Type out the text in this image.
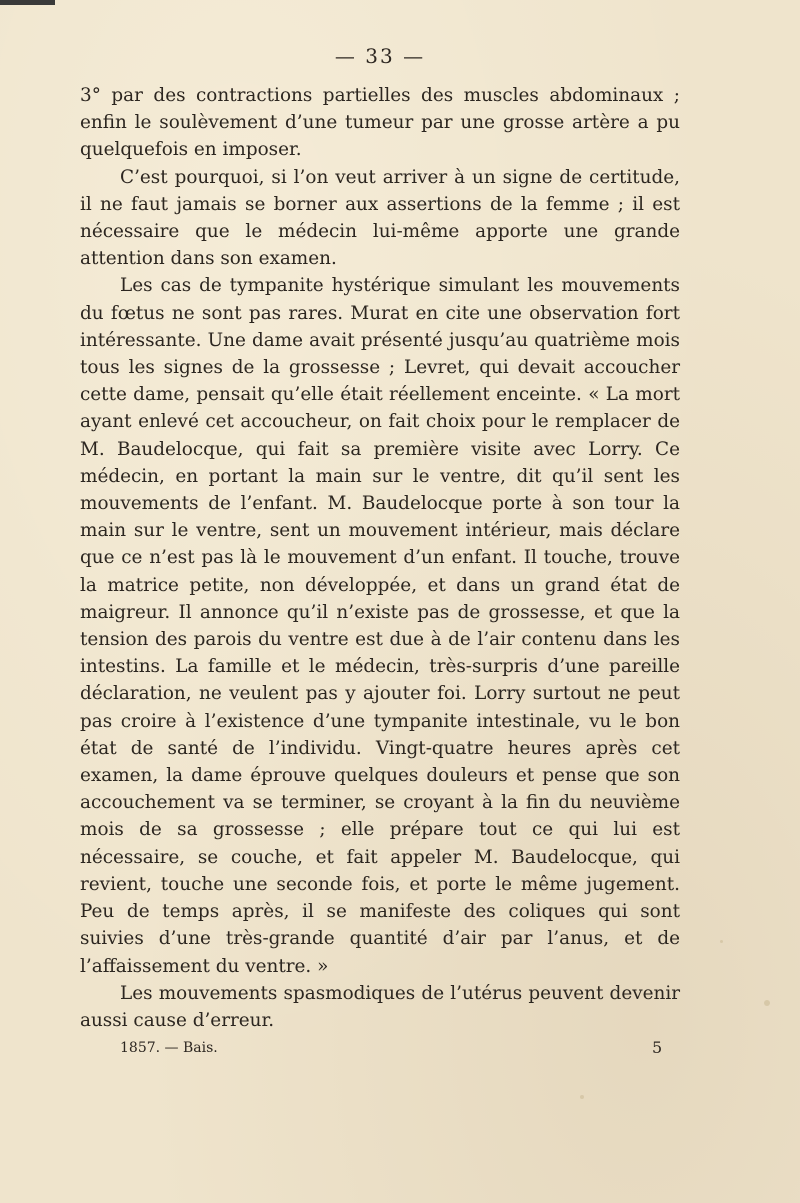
— 33 —

3° par des contractions partielles des muscles abdominaux ; enfin le soulèvement d’une tumeur par une grosse artère a pu quelquefois en imposer.

C’est pourquoi, si l’on veut arriver à un signe de certitude, il ne faut jamais se borner aux assertions de la femme ; il est nécessaire que le médecin lui-même apporte une grande attention dans son examen.

Les cas de tympanite hystérique simulant les mouvements du fœtus ne sont pas rares. Murat en cite une observation fort intéressante. Une dame avait présenté jusqu’au quatrième mois tous les signes de la grossesse ; Levret, qui devait accoucher cette dame, pensait qu’elle était réellement enceinte. « La mort ayant enlevé cet accoucheur, on fait choix pour le remplacer de M. Baudelocque, qui fait sa première visite avec Lorry. Ce médecin, en portant la main sur le ventre, dit qu’il sent les mouvements de l’enfant. M. Baudelocque porte à son tour la main sur le ventre, sent un mouvement intérieur, mais déclare que ce n’est pas là le mouvement d’un enfant. Il touche, trouve la matrice petite, non développée, et dans un grand état de maigreur. Il annonce qu’il n’existe pas de grossesse, et que la tension des parois du ventre est due à de l’air contenu dans les intestins. La famille et le médecin, très-surpris d’une pareille déclaration, ne veulent pas y ajouter foi. Lorry surtout ne peut pas croire à l’existence d’une tympanite intestinale, vu le bon état de santé de l’individu. Vingt-quatre heures après cet examen, la dame éprouve quelques douleurs et pense que son accouchement va se terminer, se croyant à la fin du neuvième mois de sa grossesse ; elle prépare tout ce qui lui est nécessaire, se couche, et fait appeler M. Baudelocque, qui revient, touche une seconde fois, et porte le même jugement. Peu de temps après, il se manifeste des coliques qui sont suivies d’une très-grande quantité d’air par l’anus, et de l’affaissement du ventre. »

Les mouvements spasmodiques de l’utérus peuvent devenir aussi cause d’erreur.

1857. — Bais.	5
